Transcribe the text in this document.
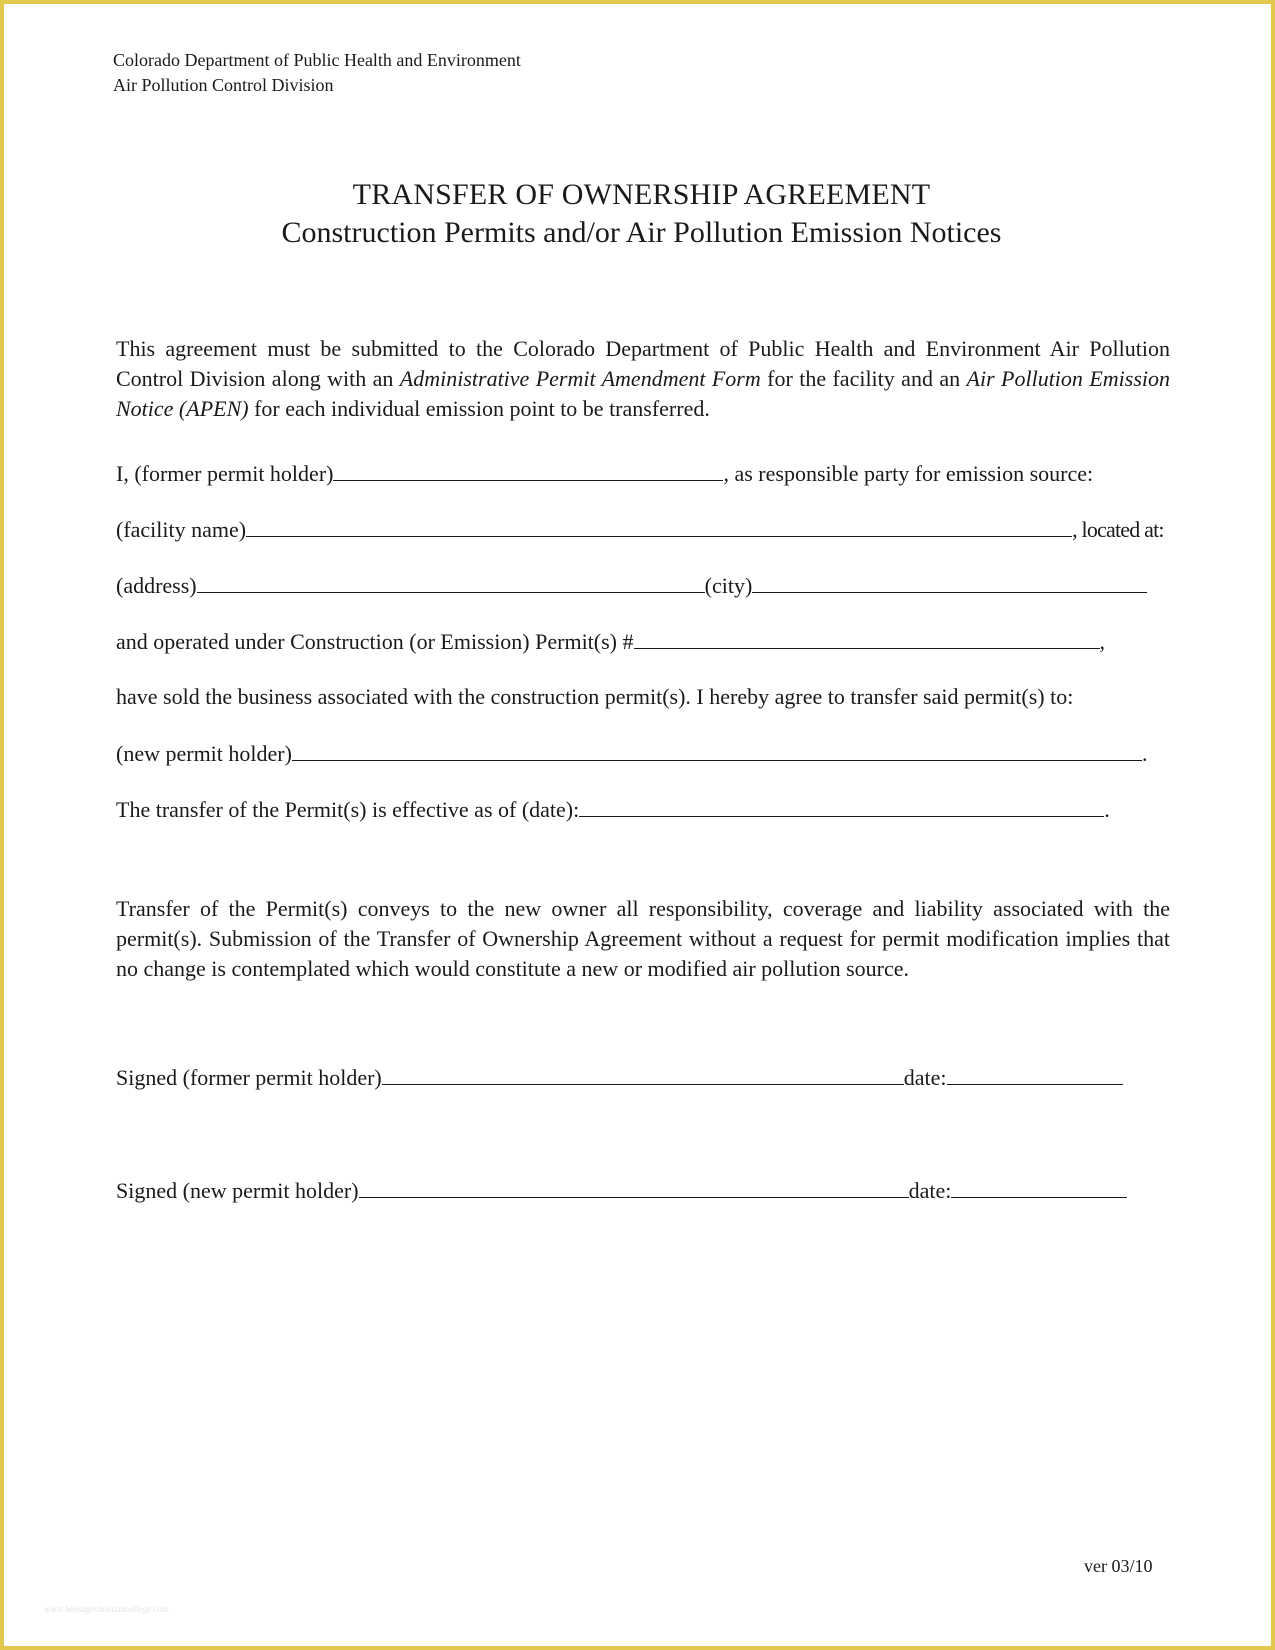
Colorado Department of Public Health and Environment
Air Pollution Control Division
TRANSFER OF OWNERSHIP AGREEMENT
Construction Permits and/or Air Pollution Emission Notices
This agreement must be submitted to the Colorado Department of Public Health and Environment Air Pollution Control Division along with an Administrative Permit Amendment Form for the facility and an Air Pollution Emission Notice (APEN) for each individual emission point to be transferred.
I, (former permit holder)	, as responsible party for emission source:
(facility name)	, located at:
(address)	(city)
and operated under Construction (or Emission) Permit(s) #	,
have sold the business associated with the construction permit(s). I hereby agree to transfer said permit(s) to:
(new permit holder)	.
The transfer of the Permit(s) is effective as of (date):	.
Transfer of the Permit(s) conveys to the new owner all responsibility, coverage and liability associated with the permit(s). Submission of the Transfer of Ownership Agreement without a request for permit modification implies that no change is contemplated which would constitute a new or modified air pollution source.
Signed (former permit holder)	date:
Signed (new permit holder)	date:
ver 03/10
www.heritagechristiancollege.com
